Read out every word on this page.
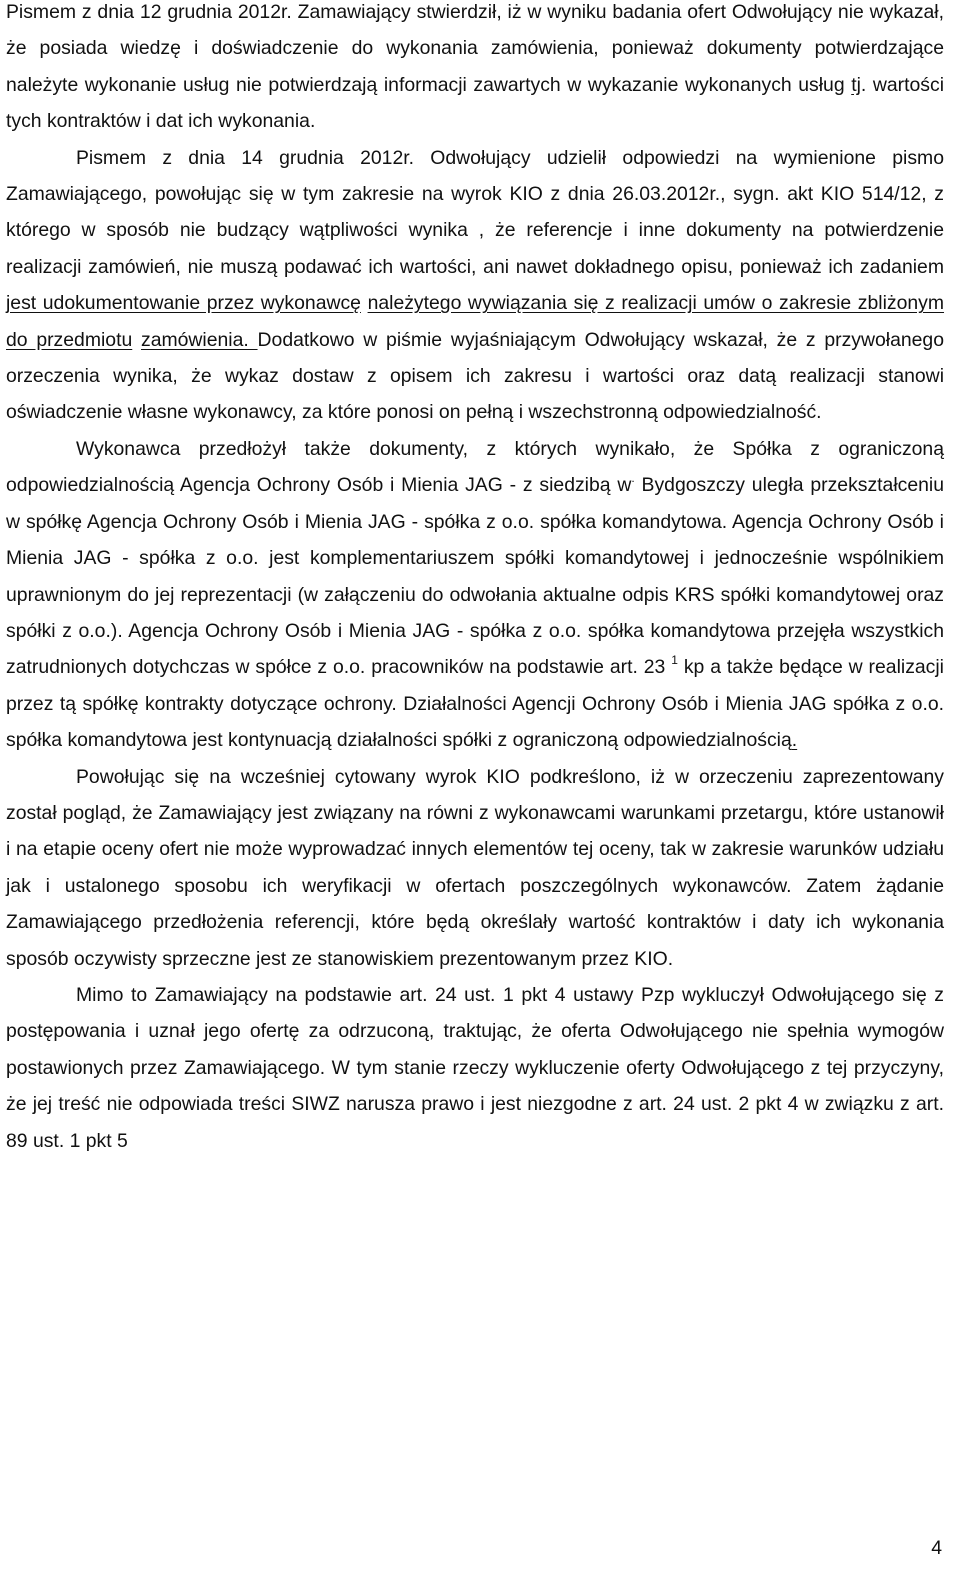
Pismem z dnia 12 grudnia 2012r. Zamawiający stwierdził, iż w wyniku badania ofert Odwołujący nie wykazał, że posiada wiedzę i doświadczenie do wykonania zamówienia, ponieważ dokumenty potwierdzające należyte wykonanie usług nie potwierdzają informacji zawartych w wykazanie wykonanych usług tj. wartości tych kontraktów i dat ich wykonania.

Pismem z dnia 14 grudnia 2012r. Odwołujący udzielił odpowiedzi na wymienione pismo Zamawiającego, powołując się w tym zakresie na wyrok KIO z dnia 26.03.2012r., sygn. akt KIO 514/12, z którego w sposób nie budzący wątpliwości wynika , że referencje i inne dokumenty na potwierdzenie realizacji zamówień, nie muszą podawać ich wartości, ani nawet dokładnego opisu, ponieważ ich zadaniem jest udokumentowanie przez wykonawcę należytego wywiązania się z realizacji umów o zakresie zbliżonym do przedmiotu zamówienia. Dodatkowo w piśmie wyjaśniającym Odwołujący wskazał, że z przywołanego orzeczenia wynika, że wykaz dostaw z opisem ich zakresu i wartości oraz datą realizacji stanowi oświadczenie własne wykonawcy, za które ponosi on pełną i wszechstronną odpowiedzialność.

Wykonawca przedłożył także dokumenty, z których wynikało, że Spółka z ograniczoną odpowiedzialnością Agencja Ochrony Osób i Mienia JAG - z siedzibą w. Bydgoszczy uległa przekształceniu w spółkę Agencja Ochrony Osób i Mienia JAG - spółka z o.o. spółka komandytowa. Agencja Ochrony Osób i Mienia JAG - spółka z o.o. jest komplementariuszem spółki komandytowej i jednocześnie wspólnikiem uprawnionym do jej reprezentacji (w załączeniu do odwołania aktualne odpis KRS spółki komandytowej oraz spółki z o.o.). Agencja Ochrony Osób i Mienia JAG - spółka z o.o. spółka komandytowa przejęła wszystkich zatrudnionych dotychczas w spółce z o.o. pracowników na podstawie art. 23 $^1$ kp a także będące w realizacji przez tą spółkę kontrakty dotyczące ochrony. Działalności Agencji Ochrony Osób i Mienia JAG spółka z o.o. spółka komandytowa jest kontynuacją działalności spółki z ograniczoną odpowiedzialnością.

Powołując się na wcześniej cytowany wyrok KIO podkreślono, iż w orzeczeniu zaprezentowany został pogląd, że Zamawiający jest związany na równi z wykonawcami warunkami przetargu, które ustanowił i na etapie oceny ofert nie może wyprowadzać innych elementów tej oceny, tak w zakresie warunków udziału jak i ustalonego sposobu ich weryfikacji w ofertach poszczególnych wykonawców. Zatem żądanie Zamawiającego przedłożenia referencji, które będą określały wartość kontraktów i daty ich wykonania sposób oczywisty sprzeczne jest ze stanowiskiem prezentowanym przez KIO.

Mimo to Zamawiający na podstawie art. 24 ust. 1 pkt 4 ustawy Pzp wykluczył Odwołującego się z postępowania i uznał jego ofertę za odrzuconą, traktując, że oferta Odwołującego nie spełnia wymogów postawionych przez Zamawiającego. W tym stanie rzeczy wykluczenie oferty Odwołującego z tej przyczyny, że jej treść nie odpowiada treści SIWZ narusza prawo i jest niezgodne z art. 24 ust. 2 pkt 4 w związku z art. 89 ust. 1 pkt 5

4
